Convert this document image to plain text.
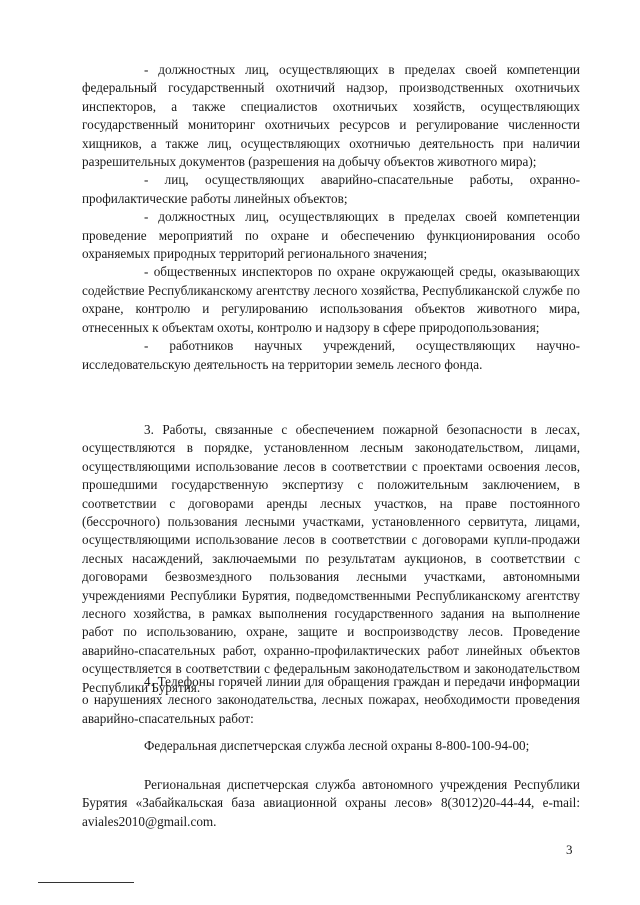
- должностных лиц, осуществляющих в пределах своей компетенции федеральный государственный охотничий надзор, производственных охотничьих инспекторов, а также специалистов охотничьих хозяйств, осуществляющих государственный мониторинг охотничьих ресурсов и регулирование численности хищников, а также лиц, осуществляющих охотничью деятельность при наличии разрешительных документов (разрешения на добычу объектов животного мира);

- лиц, осуществляющих аварийно-спасательные работы, охранно-профилактические работы линейных объектов;

- должностных лиц, осуществляющих в пределах своей компетенции проведение мероприятий по охране и обеспечению функционирования особо охраняемых природных территорий регионального значения;

- общественных инспекторов по охране окружающей среды, оказывающих содействие Республиканскому агентству лесного хозяйства, Республиканской службе по охране, контролю и регулированию использования объектов животного мира, отнесенных к объектам охоты, контролю и надзору в сфере природопользования;

- работников научных учреждений, осуществляющих научно-исследовательскую деятельность на территории земель лесного фонда.

3. Работы, связанные с обеспечением пожарной безопасности в лесах, осуществляются в порядке, установленном лесным законодательством, лицами, осуществляющими использование лесов в соответствии с проектами освоения лесов, прошедшими государственную экспертизу с положительным заключением, в соответствии с договорами аренды лесных участков, на праве постоянного (бессрочного) пользования лесными участками, установленного сервитута, лицами, осуществляющими использование лесов в соответствии с договорами купли-продажи лесных насаждений, заключаемыми по результатам аукционов, в соответствии с договорами безвозмездного пользования лесными участками, автономными учреждениями Республики Бурятия, подведомственными Республиканскому агентству лесного хозяйства, в рамках выполнения государственного задания на выполнение работ по использованию, охране, защите и воспроизводству лесов. Проведение аварийно-спасательных работ, охранно-профилактических работ линейных объектов осуществляется в соответствии с федеральным законодательством и законодательством Республики Бурятия.

4. Телефоны горячей линии для обращения граждан и передачи информации о нарушениях лесного законодательства, лесных пожарах, необходимости проведения аварийно-спасательных работ:

Федеральная диспетчерская служба лесной охраны 8-800-100-94-00;

Региональная диспетчерская служба автономного учреждения Республики Бурятия «Забайкальская база авиационной охраны лесов» 8(3012)20-44-44, e-mail: aviales2010@gmail.com.

3
